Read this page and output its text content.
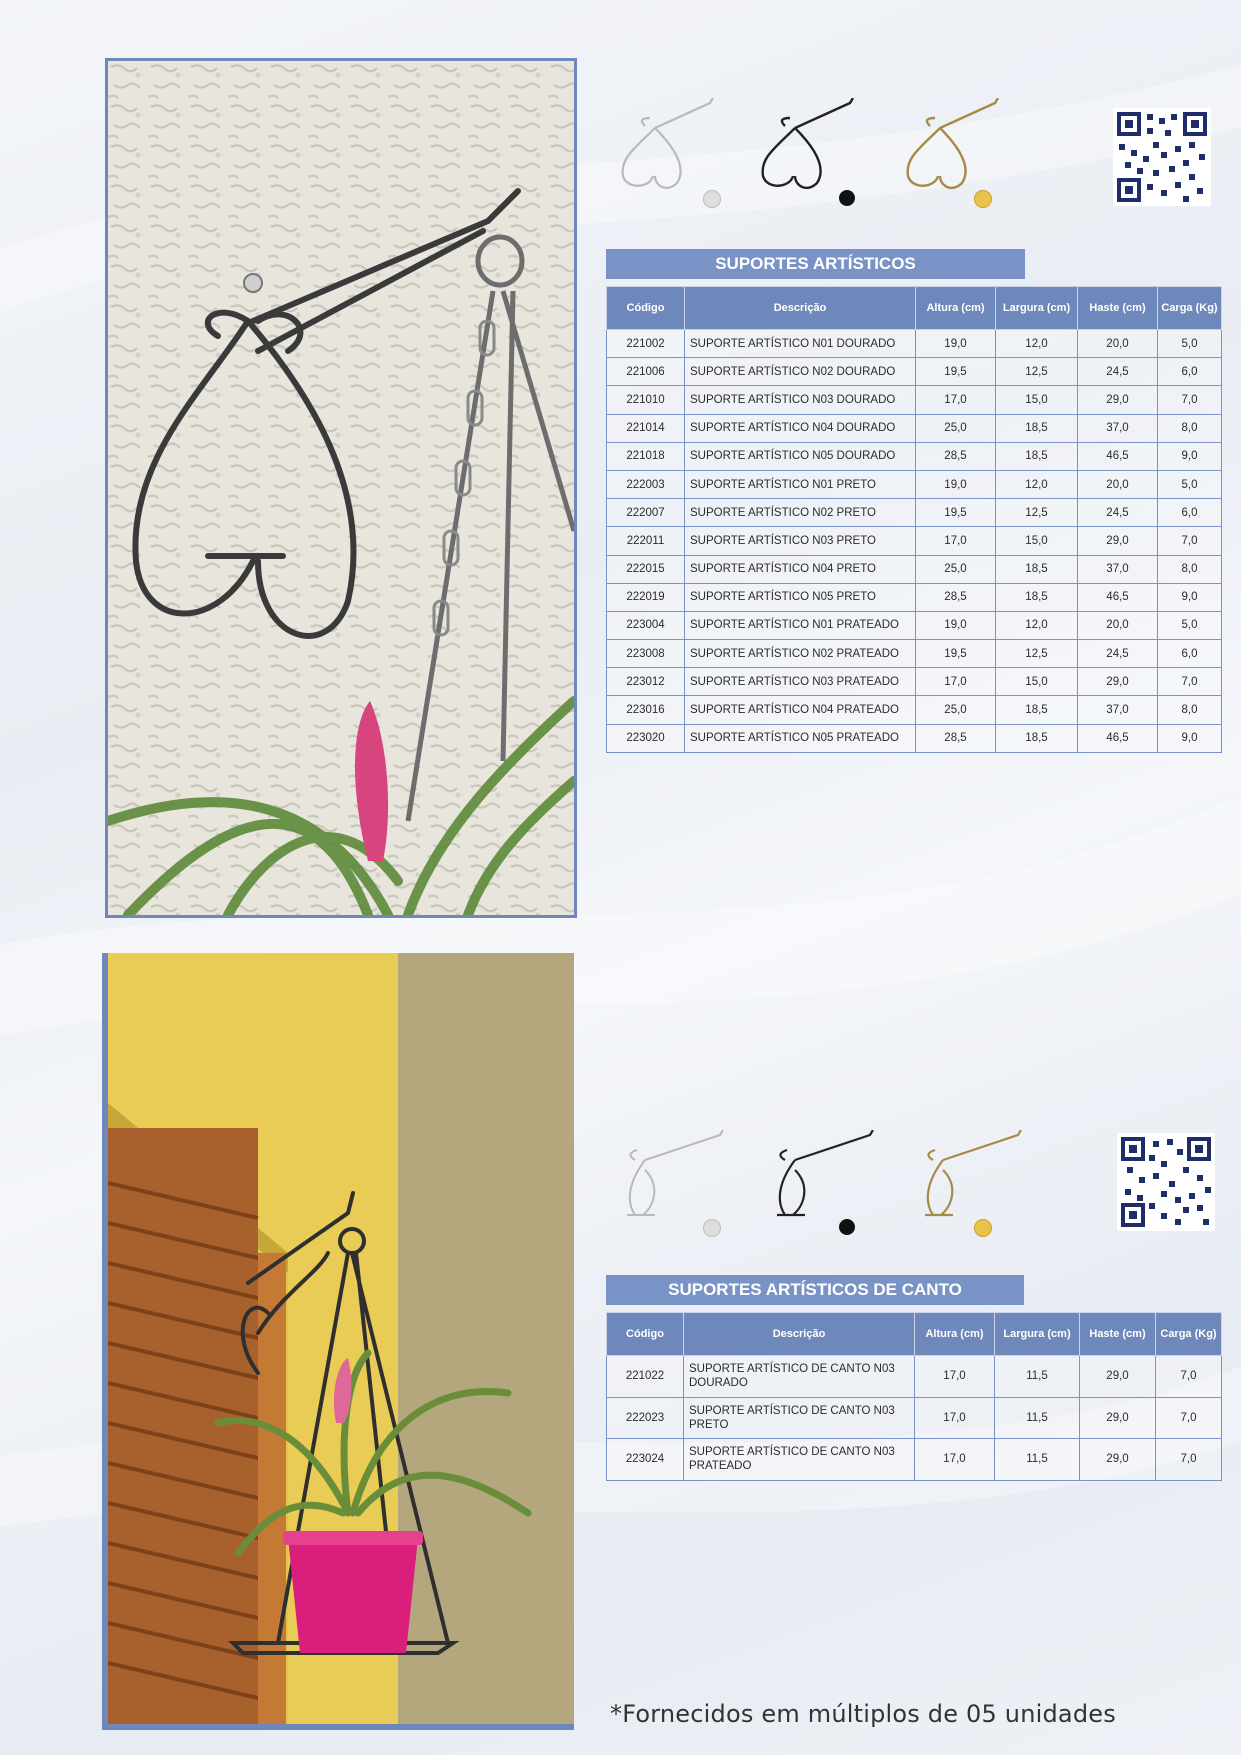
SUPORTES ARTÍSTICOS
Código	Descrição	Altura (cm)	Largura (cm)	Haste (cm)	Carga (Kg)
221002	SUPORTE ARTÍSTICO N01 DOURADO	19,0	12,0	20,0	5,0
221006	SUPORTE ARTÍSTICO N02 DOURADO	19,5	12,5	24,5	6,0
221010	SUPORTE ARTÍSTICO N03 DOURADO	17,0	15,0	29,0	7,0
221014	SUPORTE ARTÍSTICO N04 DOURADO	25,0	18,5	37,0	8,0
221018	SUPORTE ARTÍSTICO N05 DOURADO	28,5	18,5	46,5	9,0
222003	SUPORTE ARTÍSTICO N01 PRETO	19,0	12,0	20,0	5,0
222007	SUPORTE ARTÍSTICO N02 PRETO	19,5	12,5	24,5	6,0
222011	SUPORTE ARTÍSTICO N03 PRETO	17,0	15,0	29,0	7,0
222015	SUPORTE ARTÍSTICO N04 PRETO	25,0	18,5	37,0	8,0
222019	SUPORTE ARTÍSTICO N05 PRETO	28,5	18,5	46,5	9,0
223004	SUPORTE ARTÍSTICO N01 PRATEADO	19,0	12,0	20,0	5,0
223008	SUPORTE ARTÍSTICO N02 PRATEADO	19,5	12,5	24,5	6,0
223012	SUPORTE ARTÍSTICO N03 PRATEADO	17,0	15,0	29,0	7,0
223016	SUPORTE ARTÍSTICO N04 PRATEADO	25,0	18,5	37,0	8,0
223020	SUPORTE ARTÍSTICO N05 PRATEADO	28,5	18,5	46,5	9,0
SUPORTES ARTÍSTICOS DE CANTO
Código	Descrição	Altura (cm)	Largura (cm)	Haste (cm)	Carga (Kg)
221022	SUPORTE ARTÍSTICO DE CANTO N03 DOURADO	17,0	11,5	29,0	7,0
222023	SUPORTE ARTÍSTICO DE CANTO N03 PRETO	17,0	11,5	29,0	7,0
223024	SUPORTE ARTÍSTICO DE CANTO N03 PRATEADO	17,0	11,5	29,0	7,0
*Fornecidos em múltiplos de 05 unidades
